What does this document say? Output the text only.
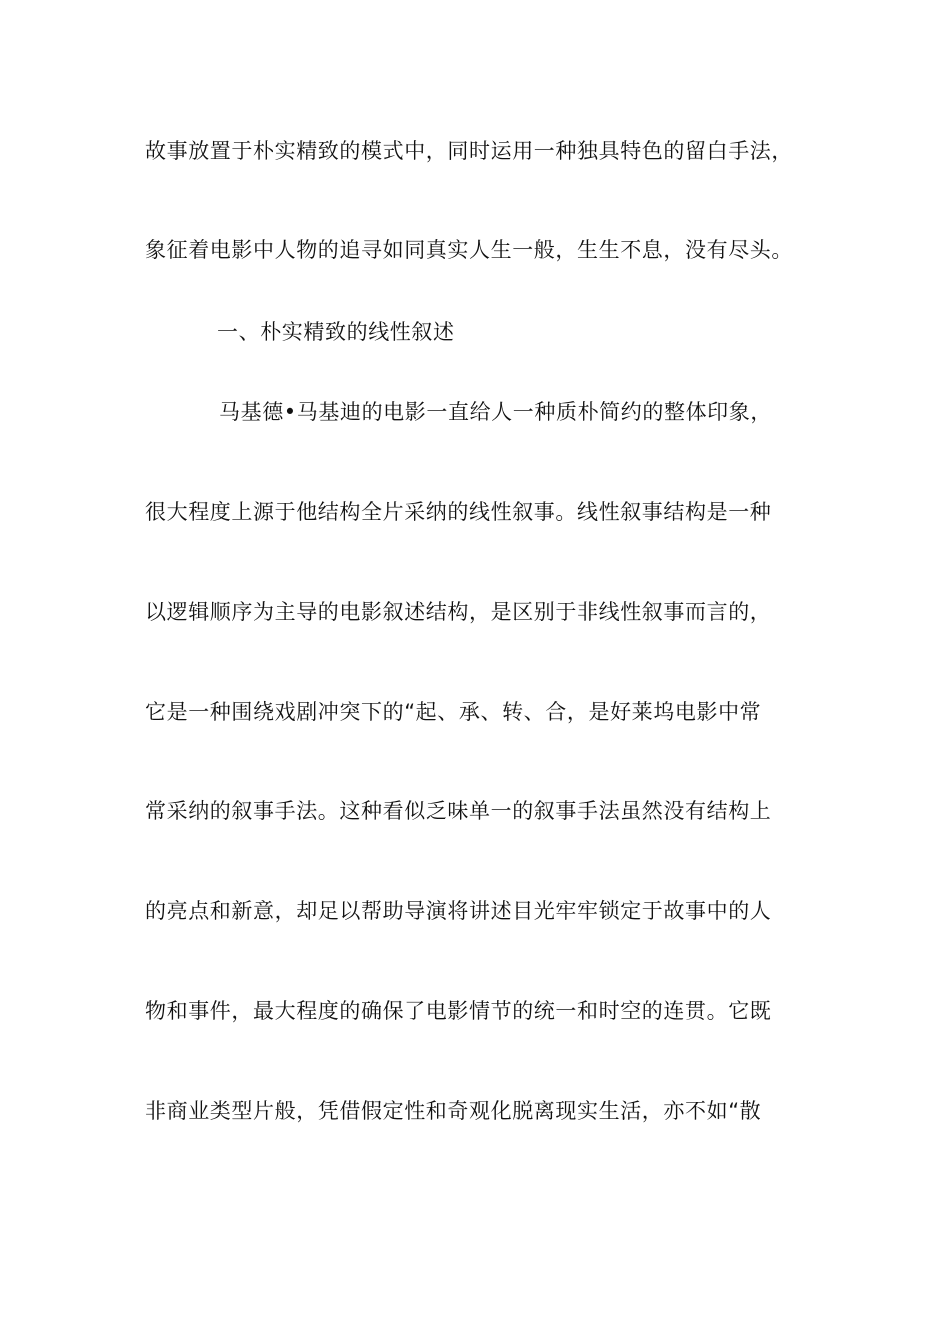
故事放置于朴实精致的模式中，同时运用一种独具特色的留白手法，
象征着电影中人物的追寻如同真实人生一般，生生不息，没有尽头。
一、朴实精致的线性叙述
马基德•马基迪的电影一直给人一种质朴简约的整体印象，
很大程度上源于他结构全片采纳的线性叙事。线性叙事结构是一种
以逻辑顺序为主导的电影叙述结构，是区别于非线性叙事而言的，
它是一种围绕戏剧冲突下的“起、承、转、合，是好莱坞电影中常
常采纳的叙事手法。这种看似乏味单一的叙事手法虽然没有结构上
的亮点和新意，却足以帮助导演将讲述目光牢牢锁定于故事中的人
物和事件，最大程度的确保了电影情节的统一和时空的连贯。它既
非商业类型片般，凭借假定性和奇观化脱离现实生活，亦不如“散
